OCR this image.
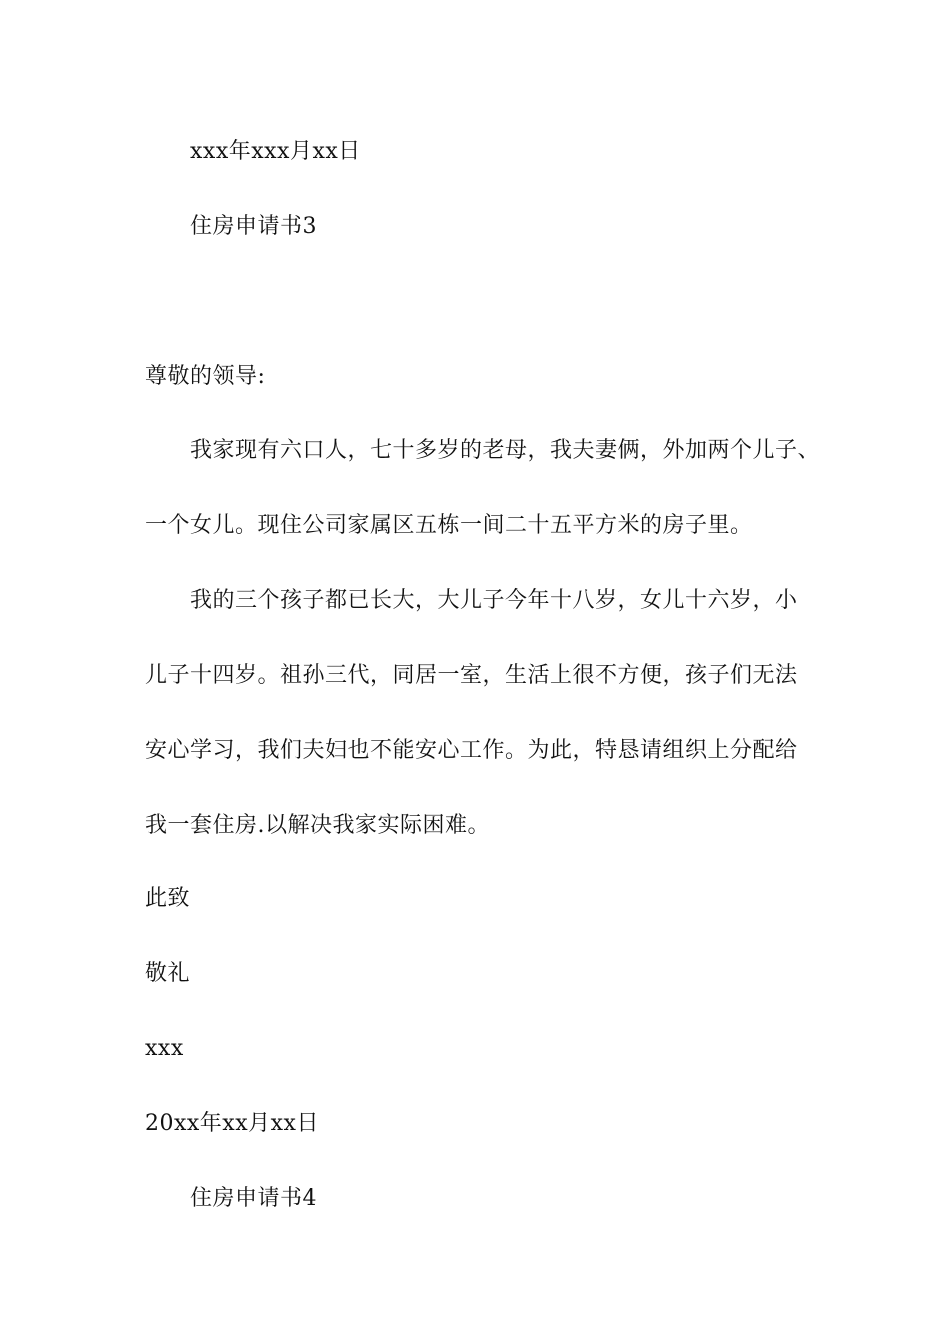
xxx年xxx月xx日
住房申请书3
尊敬的领导:
我家现有六口人，七十多岁的老母，我夫妻俩，外加两个儿子、
一个女儿。现住公司家属区五栋一间二十五平方米的房子里。
我的三个孩子都已长大，大儿子今年十八岁，女儿十六岁，小
儿子十四岁。祖孙三代，同居一室，生活上很不方便，孩子们无法
安心学习，我们夫妇也不能安心工作。为此，特恳请组织上分配给
我一套住房.以解决我家实际困难。
此致
敬礼
xxx
20xx年xx月xx日
住房申请书4
